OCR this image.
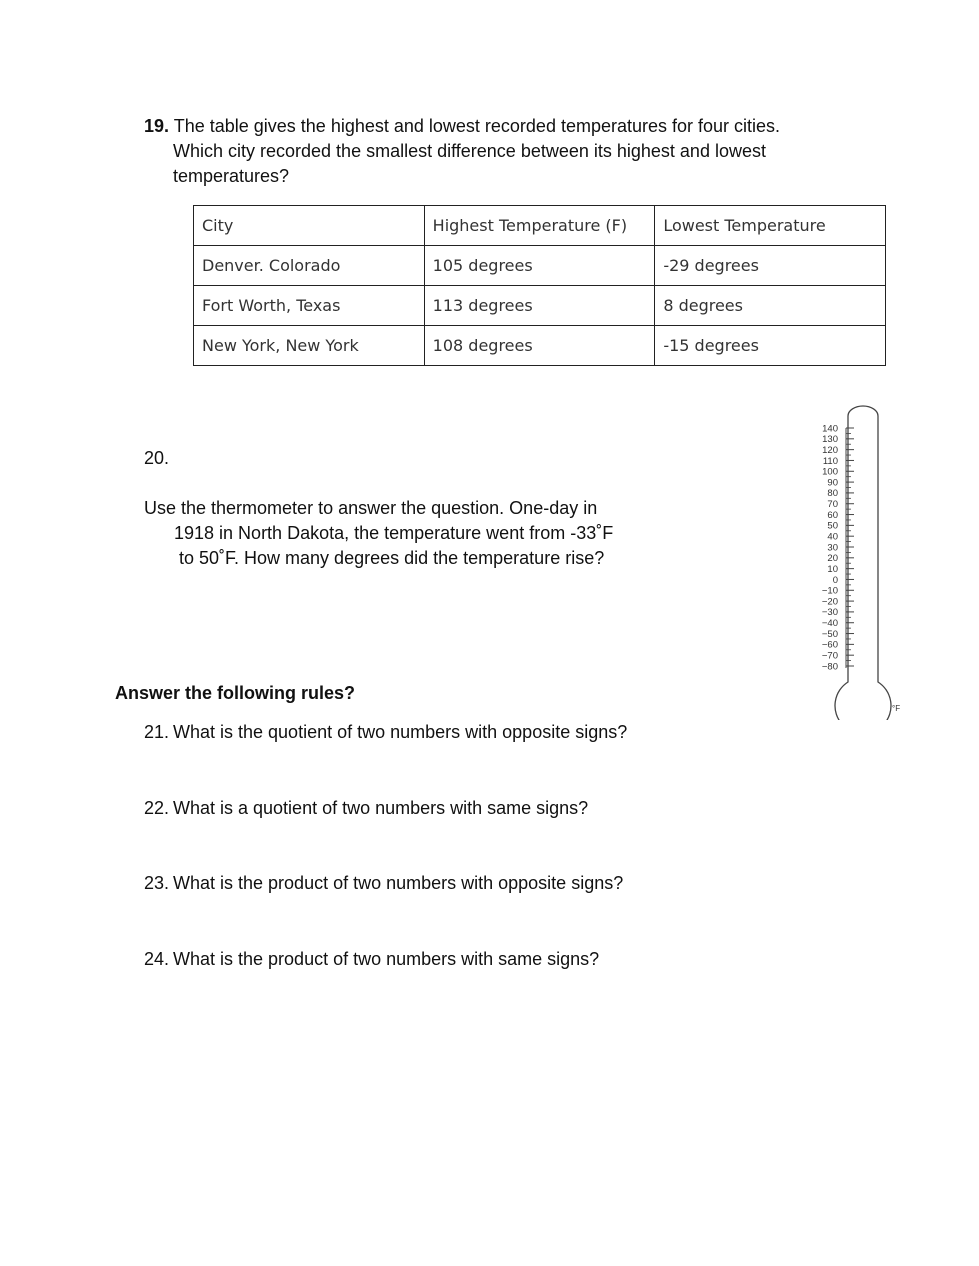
19. The table gives the highest and lowest recorded temperatures for four cities.
Which city recorded the smallest difference between its highest and lowest
temperatures?
City	Highest Temperature (F)	Lowest Temperature
Denver. Colorado	105 degrees	-29 degrees
Fort Worth, Texas	113 degrees	8 degrees
New York, New York	108 degrees	-15 degrees
20.

Use the thermometer to answer the question. One-day in
1918 in North Dakota, the temperature went from -33˚F
to 50˚F. How many degrees did the temperature rise?
140
130
120
110
100
90
80
70
60
50
40
30
20
10
0
−10
−20
−30
−40
−50
−60
−70
−80
°F
Answer the following rules?
21. What is the quotient of two numbers with opposite signs?
22. What is a quotient of two numbers with same signs?
23. What is the product of two numbers with opposite signs?
24. What is the product of two numbers with same signs?
